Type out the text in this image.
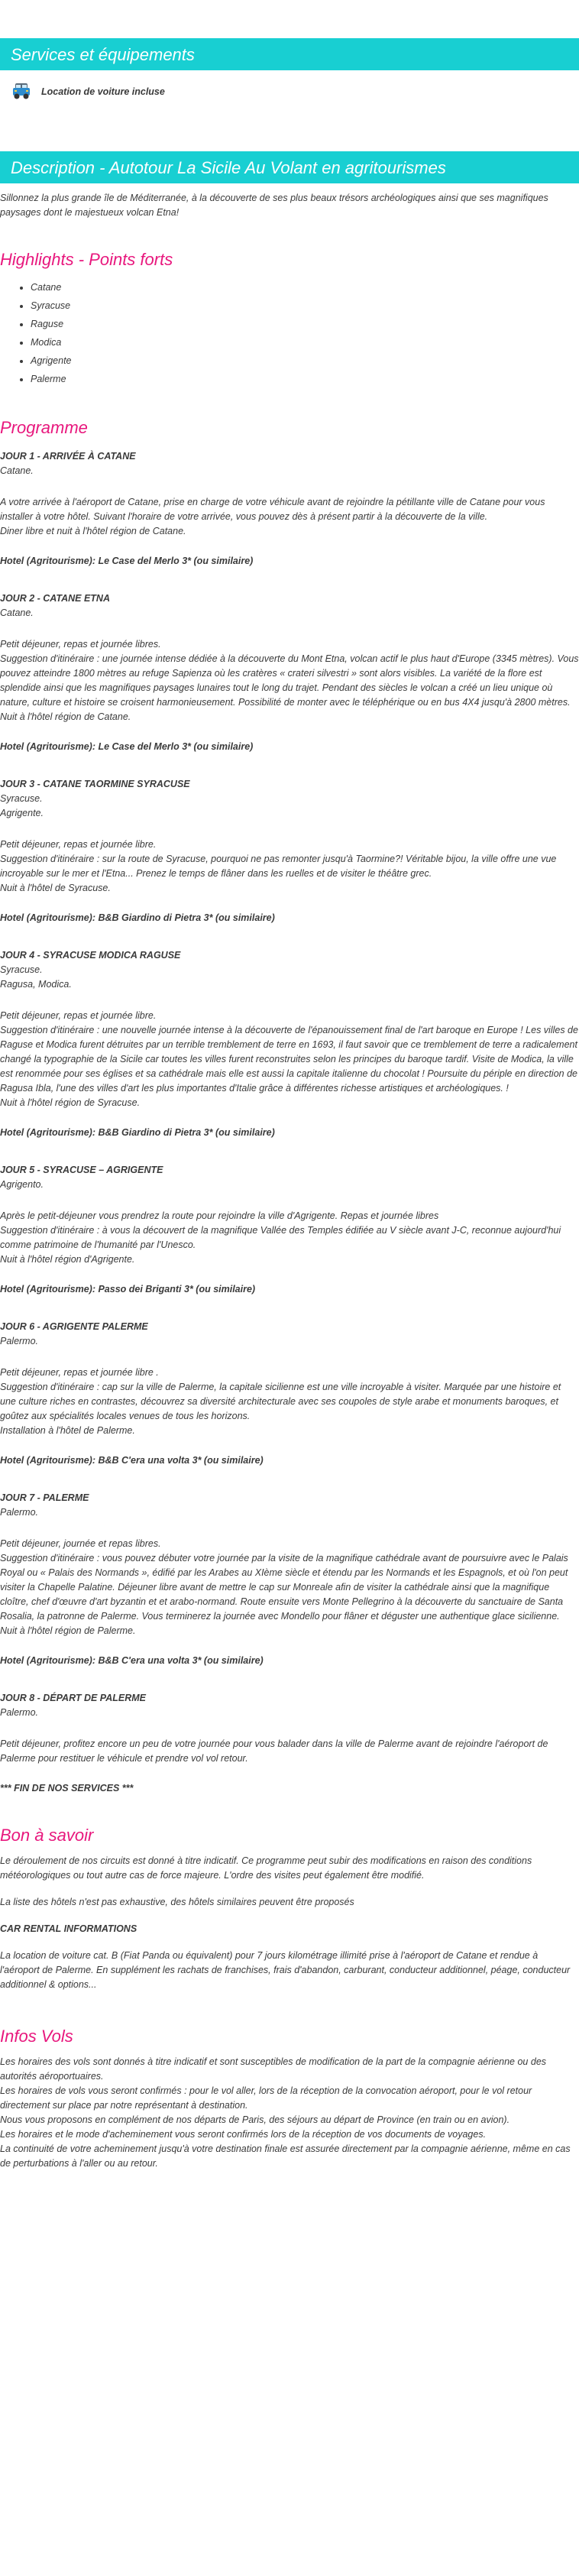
Services et équipements
Location de voiture incluse
Description - Autotour La Sicile Au Volant en agritourismes

Sillonnez la plus grande île de Méditerranée, à la découverte de ses plus beaux trésors archéologiques ainsi que ses magnifiques paysages dont le majestueux volcan Etna!

Highlights - Points forts
• Catane
• Syracuse
• Raguse
• Modica
• Agrigente
• Palerme
Programme

JOUR 1 - ARRIVÉE À CATANE

Catane.

A votre arrivée à l'aéroport de Catane, prise en charge de votre véhicule avant de rejoindre la pétillante ville de Catane pour vous installer à votre hôtel. Suivant l'horaire de votre arrivée, vous pouvez dès à présent partir à la découverte de la ville.

Diner libre et nuit à l'hôtel région de Catane.

Hotel (Agritourisme): Le Case del Merlo 3* (ou similaire)

JOUR 2 - CATANE ETNA

Catane.

Petit déjeuner, repas et journée libres.

Suggestion d'itinéraire : une journée intense dédiée à la découverte du Mont Etna, volcan actif le plus haut d'Europe (3345 mètres). Vous pouvez atteindre 1800 mètres au refuge Sapienza où les cratères « crateri silvestri » sont alors visibles. La variété de la flore est splendide ainsi que les magnifiques paysages lunaires tout le long du trajet. Pendant des siècles le volcan a créé un lieu unique où nature, culture et histoire se croisent harmonieusement. Possibilité de monter avec le téléphérique ou en bus 4X4 jusqu'à 2800 mètres.

Nuit à l'hôtel région de Catane.

Hotel (Agritourisme): Le Case del Merlo 3* (ou similaire)

JOUR 3 - CATANE TAORMINE SYRACUSE

Syracuse.
Agrigente.

Petit déjeuner, repas et journée libre.

Suggestion d'itinéraire : sur la route de Syracuse, pourquoi ne pas remonter jusqu'à Taormine?! Véritable bijou, la ville offre une vue incroyable sur le mer et l'Etna... Prenez le temps de flâner dans les ruelles et de visiter le théâtre grec.

Nuit à l'hôtel de Syracuse.

Hotel (Agritourisme): B&B Giardino di Pietra 3* (ou similaire)

JOUR 4 - SYRACUSE MODICA RAGUSE

Syracuse.
Ragusa, Modica.

Petit déjeuner, repas et journée libre.

Suggestion d'itinéraire : une nouvelle journée intense à la découverte de l'épanouissement final de l'art baroque en Europe ! Les villes de Raguse et Modica furent détruites par un terrible tremblement de terre en 1693, il faut savoir que ce tremblement de terre a radicalement changé la typographie de la Sicile car toutes les villes furent reconstruites selon les principes du baroque tardif. Visite de Modica, la ville est renommée pour ses églises et sa cathédrale mais elle est aussi la capitale italienne du chocolat ! Poursuite du périple en direction de Ragusa Ibla, l'une des villes d'art les plus importantes d'Italie grâce à différentes richesse artistiques et archéologiques. !

Nuit à l'hôtel région de Syracuse.

Hotel (Agritourisme): B&B Giardino di Pietra 3* (ou similaire)

JOUR 5 - SYRACUSE – AGRIGENTE

Agrigento.

Après le petit-déjeuner vous prendrez la route pour rejoindre la ville d'Agrigente. Repas et journée libres

Suggestion d'itinéraire : à vous la découvert de la magnifique Vallée des Temples édifiée au V siècle avant J-C, reconnue aujourd'hui comme patrimoine de l'humanité par l'Unesco.

Nuit à l'hôtel région d'Agrigente.

Hotel (Agritourisme): Passo dei Briganti 3* (ou similaire)

JOUR 6 - AGRIGENTE PALERME

Palermo.

Petit déjeuner, repas et journée libre .

Suggestion d'itinéraire : cap sur la ville de Palerme, la capitale sicilienne est une ville incroyable à visiter. Marquée par une histoire et une culture riches en contrastes, découvrez sa diversité architecturale avec ses coupoles de style arabe et monuments baroques, et goûtez aux spécialités locales venues de tous les horizons.

Installation à l'hôtel de Palerme.

Hotel (Agritourisme): B&B C'era una volta 3* (ou similaire)

JOUR 7 - PALERME

Palermo.

Petit déjeuner, journée et repas libres.

Suggestion d'itinéraire : vous pouvez débuter votre journée par la visite de la magnifique cathédrale avant de poursuivre avec le Palais Royal ou « Palais des Normands », édifié par les Arabes au XIème siècle et étendu par les Normands et les Espagnols, et où l'on peut visiter la Chapelle Palatine. Déjeuner libre avant de mettre le cap sur Monreale afin de visiter la cathédrale ainsi que la magnifique cloître, chef d'œuvre d'art byzantin et et arabo-normand. Route ensuite vers Monte Pellegrino à la découverte du sanctuaire de Santa Rosalia, la patronne de Palerme. Vous terminerez la journée avec Mondello pour flâner et déguster une authentique glace sicilienne.

Nuit à l'hôtel région de Palerme.

Hotel (Agritourisme): B&B C'era una volta 3* (ou similaire)

JOUR 8 - DÉPART DE PALERME

Palermo.

Petit déjeuner, profitez encore un peu de votre journée pour vous balader dans la ville de Palerme avant de rejoindre l'aéroport de Palerme pour restituer le véhicule et prendre vol vol retour.

*** FIN DE NOS SERVICES ***

Bon à savoir

Le déroulement de nos circuits est donné à titre indicatif. Ce programme peut subir des modifications en raison des conditions météorologiques ou tout autre cas de force majeure. L'ordre des visites peut également être modifié.

La liste des hôtels n'est pas exhaustive, des hôtels similaires peuvent être proposés

CAR RENTAL INFORMATIONS

La location de voiture cat. B (Fiat Panda ou équivalent) pour 7 jours kilométrage illimité prise à l'aéroport de Catane et rendue à l'aéroport de Palerme. En supplément les rachats de franchises, frais d'abandon, carburant, conducteur additionnel, péage, conducteur additionnel & options...

Infos Vols
Les horaires des vols sont donnés à titre indicatif et sont susceptibles de modification de la part de la compagnie aérienne ou des autorités aéroportuaires.
Les horaires de vols vous seront confirmés : pour le vol aller, lors de la réception de la convocation aéroport, pour le vol retour directement sur place par notre représentant à destination.
Nous vous proposons en complément de nos départs de Paris, des séjours au départ de Province (en train ou en avion).
Les horaires et le mode d'acheminement vous seront confirmés lors de la réception de vos documents de voyages.
La continuité de votre acheminement jusqu'à votre destination finale est assurée directement par la compagnie aérienne, même en cas de perturbations à l'aller ou au retour.
